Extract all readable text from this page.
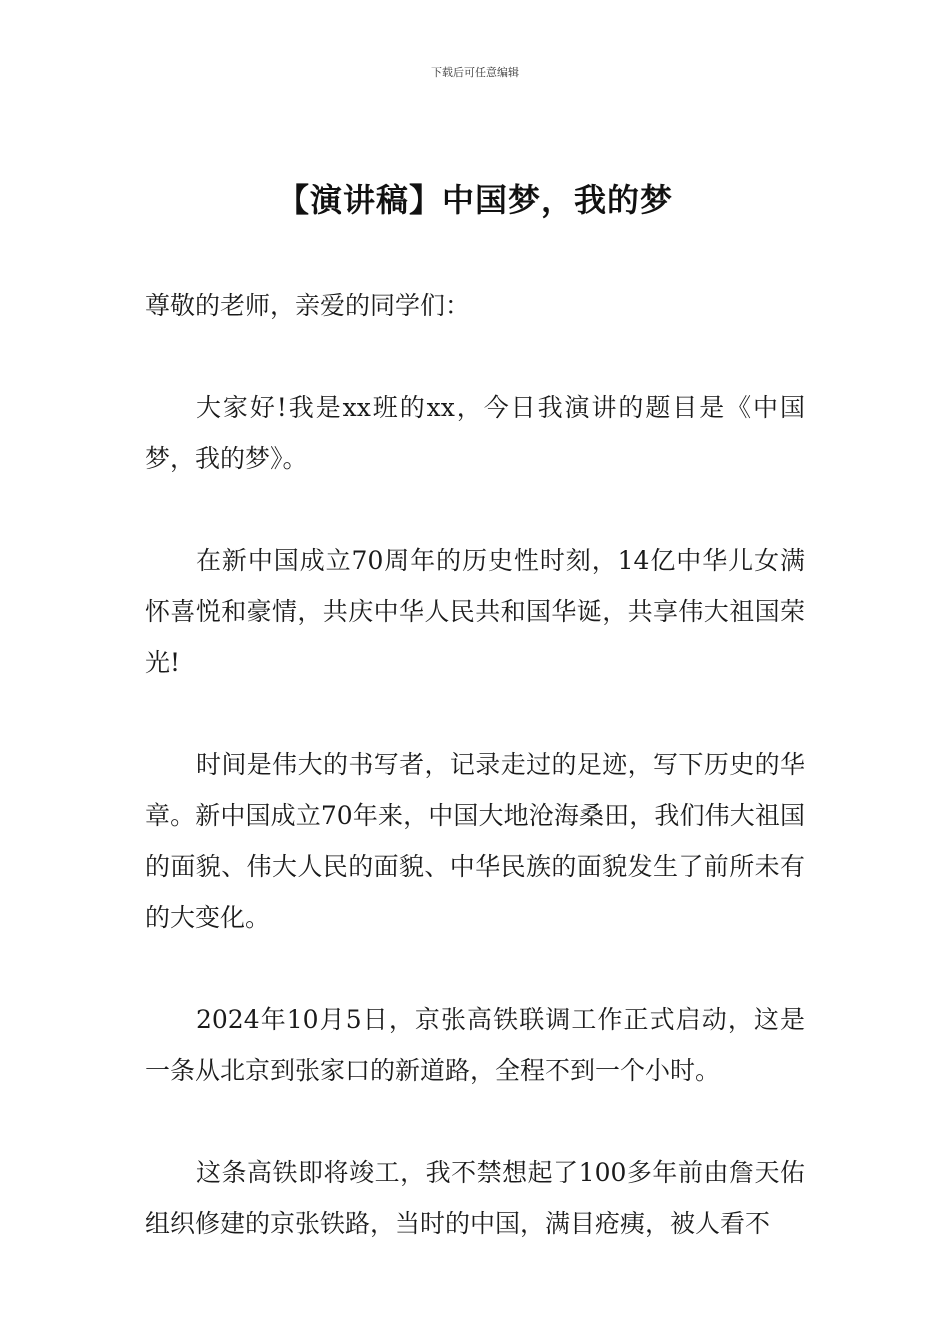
下载后可任意编辑
【演讲稿】中国梦，我的梦

尊敬的老师，亲爱的同学们：

大家好!我是xx班的xx，今日我演讲的题目是《中国梦，我的梦》。

在新中国成立70周年的历史性时刻，14亿中华儿女满怀喜悦和豪情，共庆中华人民共和国华诞，共享伟大祖国荣光!

时间是伟大的书写者，记录走过的足迹，写下历史的华章。新中国成立70年来，中国大地沧海桑田，我们伟大祖国的面貌、伟大人民的面貌、中华民族的面貌发生了前所未有的大变化。

2024年10月5日，京张高铁联调工作正式启动，这是一条从北京到张家口的新道路，全程不到一个小时。

这条高铁即将竣工，我不禁想起了100多年前由詹天佑组织修建的京张铁路，当时的中国，满目疮痍，被人看不
